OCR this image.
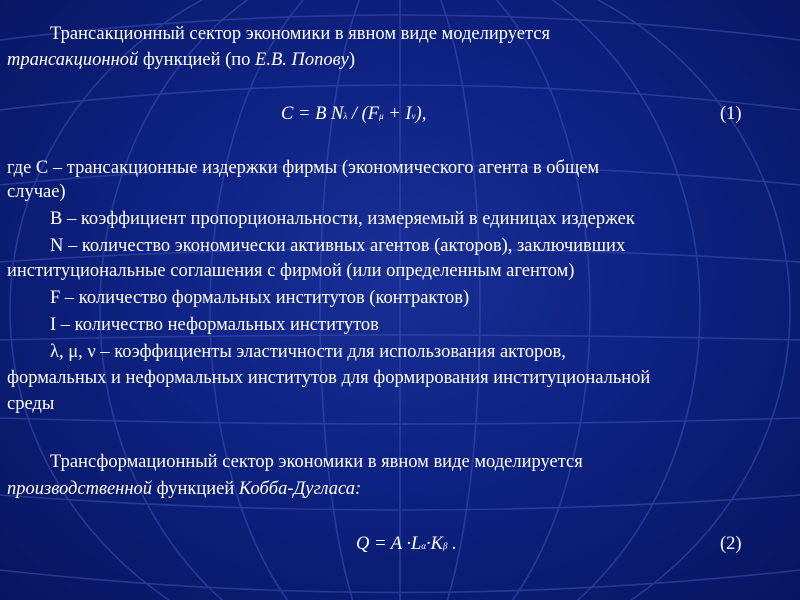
Трансакционный сектор экономики в явном виде моделируется
трансакционной функцией (по Е.В. Попову)
C = B $N^\lambda / (F^\mu + I^\nu)$,	(1)
где С – трансакционные издержки фирмы (экономического агента в общем
случае)
В – коэффициент пропорциональности, измеряемый в единицах издержек
N – количество экономически активных агентов (акторов), заключивших
институциональные соглашения с фирмой (или определенным агентом)
F – количество формальных институтов (контрактов)
I – количество неформальных институтов
λ, μ, ν – коэффициенты эластичности для использования акторов,
формальных и неформальных институтов для формирования институциональной
среды
Трансформационный сектор экономики в явном виде моделируется
производственной функцией Кобба-Дугласа:
$Q = A \cdot L^\alpha\cdot K^\beta$ .	(2)
